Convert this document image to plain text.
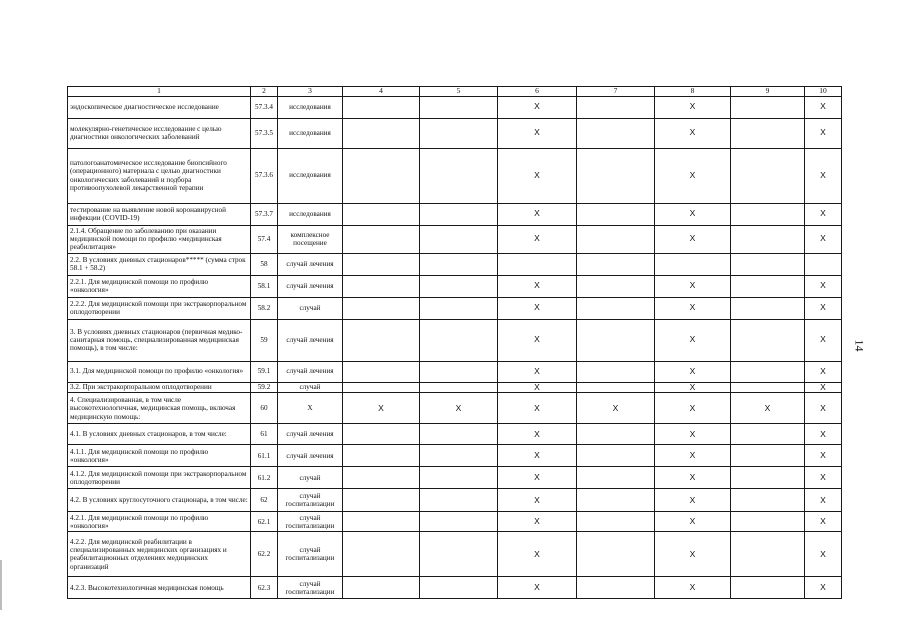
1	2	3	4	5	6	7	8	9	10
эндоскопическое диагностическое исследование	57.3.4	исследования			X		X		X
молекулярно-генетическое исследование с целью диагностики онкологических заболеваний	57.3.5	исследования			X		X		X
патологоанатомическое исследование биопсийного (операционного) материала с целью диагностики онкологических заболеваний и подбора противоопухолевой лекарственной терапии	57.3.6	исследования			X		X		X
тестирование на выявление новой коронавирусной инфекции (COVID-19)	57.3.7	исследования			X		X		X
2.1.4. Обращение по заболеванию при оказании медицинской помощи по профилю «медицинская реабилитация»	57.4	комплексное посещение			X		X		X
2.2. В условиях дневных стационаров***** (сумма строк 58.1 + 58.2)	58	случай лечения							
2.2.1. Для медицинской помощи по профилю «онкология»	58.1	случай лечения			X		X		X
2.2.2. Для медицинской помощи при экстракорпоральном оплодотворении	58.2	случай			X		X		X
3. В условиях дневных стационаров (первичная медико-санитарная помощь, специализированная медицинская помощь), в том числе:	59	случай лечения			X		X		X
3.1. Для медицинской помощи по профилю «онкология»	59.1	случай лечения			X		X		X
3.2. При экстракорпоральном оплодотворении	59.2	случай			X		X		X
4. Специализированная, в том числе высокотехнологичная, медицинская помощь, включая медицинскую помощь:	60	X	X	X	X	X	X	X	X
4.1. В условиях дневных стационаров, в том числе:	61	случай лечения			X		X		X
4.1.1. Для медицинской помощи по профилю «онкология»	61.1	случай лечения			X		X		X
4.1.2. Для медицинской помощи при экстракорпоральном оплодотворении	61.2	случай			X		X		X
4.2. В условиях круглосуточного стационара, в том числе:	62	случай госпитализации			X		X		X
4.2.1. Для медицинской помощи по профилю «онкология»	62.1	случай госпитализации			X		X		X
4.2.2. Для медицинской реабилитации в специализированных медицинских организациях и реабилитационных отделениях медицинских организаций	62.2	случай госпитализации			X		X		X
4.2.3. Высокотехнологичная медицинская помощь	62.3	случай госпитализации			X		X		X
14
